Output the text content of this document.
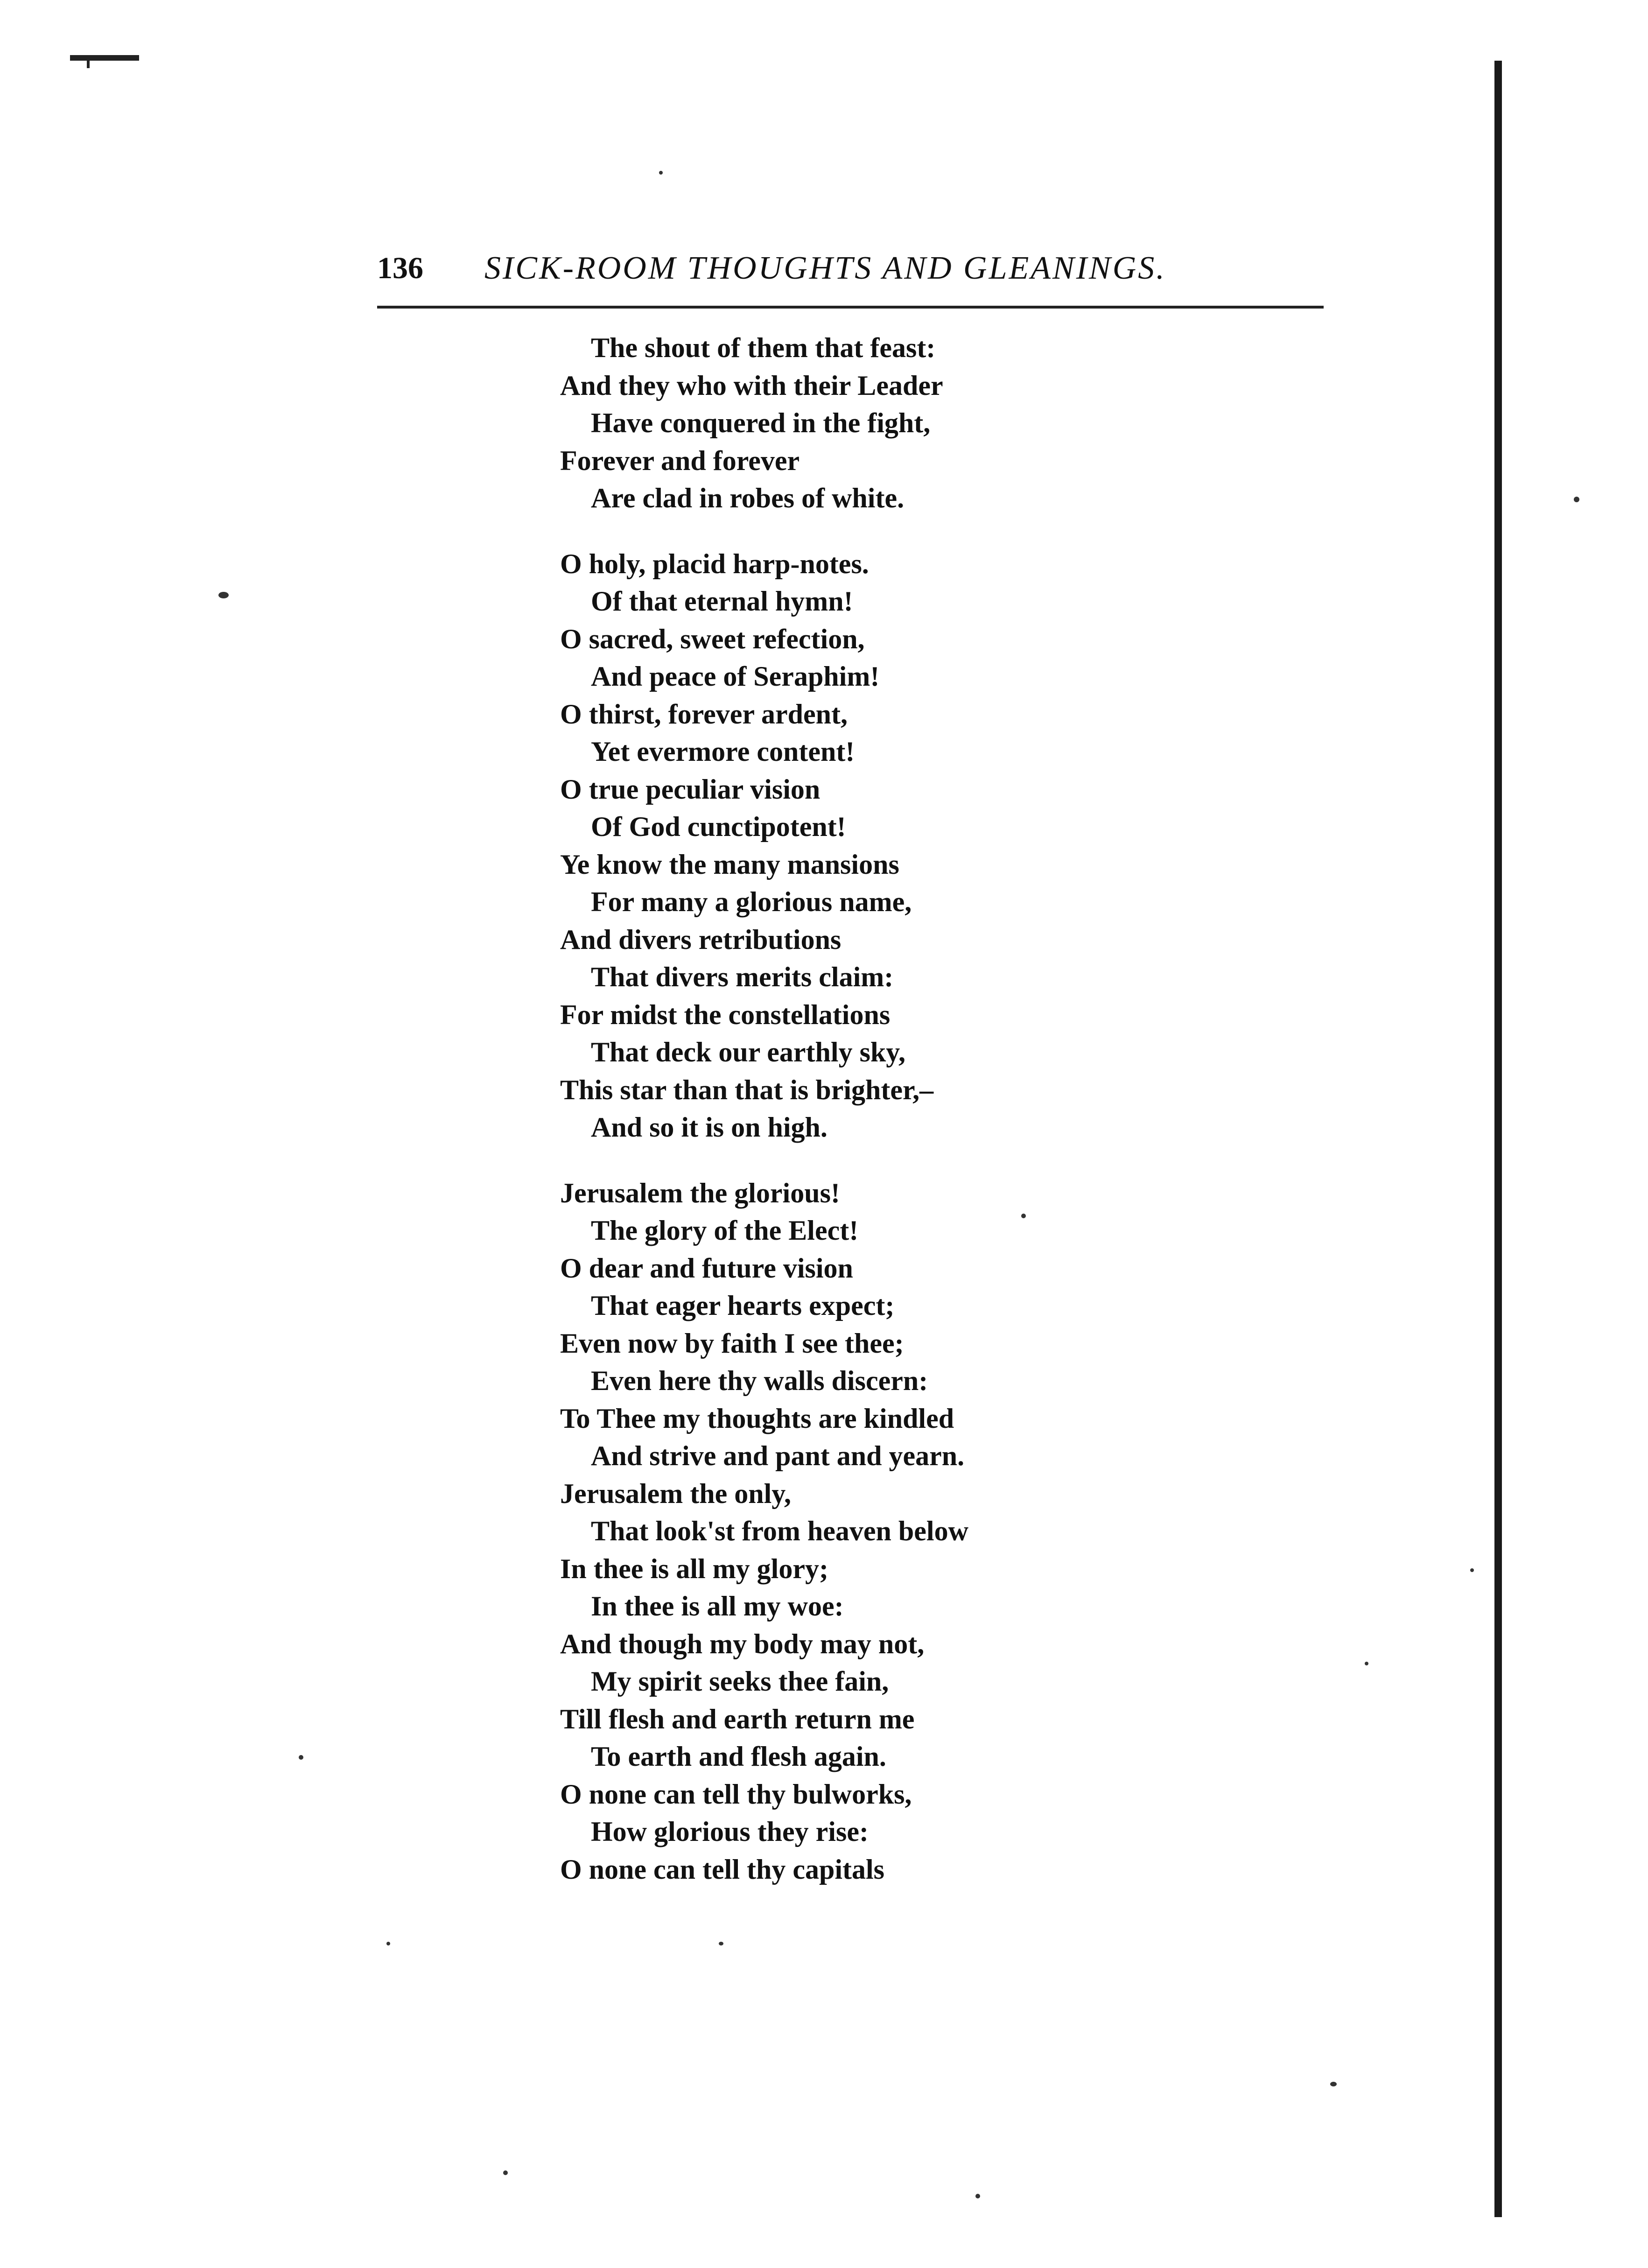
136 SICK-ROOM THOUGHTS AND GLEANINGS.
The shout of them that feast:
And they who with their Leader
Have conquered in the fight,
Forever and forever
Are clad in robes of white.
O holy, placid harp-notes.
Of that eternal hymn!
O sacred, sweet refection,
And peace of Seraphim!
O thirst, forever ardent,
Yet evermore content!
O true peculiar vision
Of God cunctipotent!
Ye know the many mansions
For many a glorious name,
And divers retributions
That divers merits claim:
For midst the constellations
That deck our earthly sky,
This star than that is brighter,–
And so it is on high.
Jerusalem the glorious!
The glory of the Elect!
O dear and future vision
That eager hearts expect;
Even now by faith I see thee;
Even here thy walls discern:
To Thee my thoughts are kindled
And strive and pant and yearn.
Jerusalem the only,
That look'st from heaven below
In thee is all my glory;
In thee is all my woe:
And though my body may not,
My spirit seeks thee fain,
Till flesh and earth return me
To earth and flesh again.
O none can tell thy bulworks,
How glorious they rise:
O none can tell thy capitals
